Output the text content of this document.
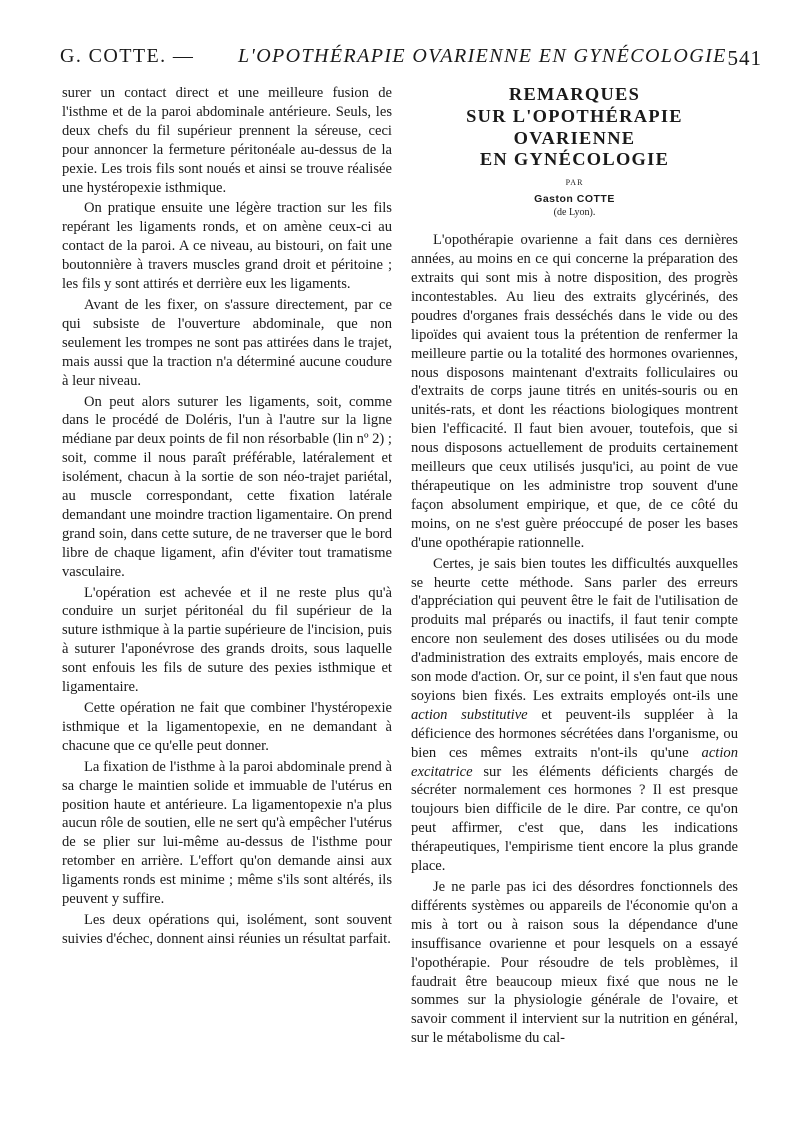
G. COTTE. — L'OPOTHÉRAPIE OVARIENNE EN GYNÉCOLOGIE 541

surer un contact direct et une meilleure fusion de l'isthme et de la paroi abdominale antérieure. Seuls, les deux chefs du fil supérieur prennent la séreuse, ceci pour annoncer la fermeture péritonéale au-dessus de la pexie. Les trois fils sont noués et ainsi se trouve réalisée une hystéropexie isthmique.

On pratique ensuite une légère traction sur les fils repérant les ligaments ronds, et on amène ceux-ci au contact de la paroi. A ce niveau, au bistouri, on fait une boutonnière à travers muscles grand droit et péritoine ; les fils y sont attirés et derrière eux les ligaments.

Avant de les fixer, on s'assure directement, par ce qui subsiste de l'ouverture abdominale, que non seulement les trompes ne sont pas attirées dans le trajet, mais aussi que la traction n'a déterminé aucune coudure à leur niveau.

On peut alors suturer les ligaments, soit, comme dans le procédé de Doléris, l'un à l'autre sur la ligne médiane par deux points de fil non résorbable (lin nº 2) ; soit, comme il nous paraît préférable, latéralement et isolément, chacun à la sortie de son néo-trajet pariétal, au muscle correspondant, cette fixation latérale demandant une moindre traction ligamentaire. On prend grand soin, dans cette suture, de ne traverser que le bord libre de chaque ligament, afin d'éviter tout tramatisme vasculaire.

L'opération est achevée et il ne reste plus qu'à conduire un surjet péritonéal du fil supérieur de la suture isthmique à la partie supérieure de l'incision, puis à suturer l'aponévrose des grands droits, sous laquelle sont enfouis les fils de suture des pexies isthmique et ligamentaire.

Cette opération ne fait que combiner l'hystéropexie isthmique et la ligamentopexie, en ne demandant à chacune que ce qu'elle peut donner.

La fixation de l'isthme à la paroi abdominale prend à sa charge le maintien solide et immuable de l'utérus en position haute et antérieure. La ligamentopexie n'a plus aucun rôle de soutien, elle ne sert qu'à empêcher l'utérus de se plier sur lui-même au-dessus de l'isthme pour retomber en arrière. L'effort qu'on demande ainsi aux ligaments ronds est minime ; même s'ils sont altérés, ils peuvent y suffire.

Les deux opérations qui, isolément, sont souvent suivies d'échec, donnent ainsi réunies un résultat parfait.

REMARQUES
SUR L'OPOTHÉRAPIE
OVARIENNE
EN GYNÉCOLOGIE
PAR
Gaston COTTE
(de Lyon).

L'opothérapie ovarienne a fait dans ces dernières années, au moins en ce qui concerne la préparation des extraits qui sont mis à notre disposition, des progrès incontestables. Au lieu des extraits glycérinés, des poudres d'organes frais desséchés dans le vide ou des lipoïdes qui avaient tous la prétention de renfermer la meilleure partie ou la totalité des hormones ovariennes, nous disposons maintenant d'extraits folliculaires ou d'extraits de corps jaune titrés en unités-souris ou en unités-rats, et dont les réactions biologiques montrent bien l'efficacité. Il faut bien avouer, toutefois, que si nous disposons actuellement de produits certainement meilleurs que ceux utilisés jusqu'ici, au point de vue thérapeutique on les administre trop souvent d'une façon absolument empirique, et que, de ce côté du moins, on ne s'est guère préoccupé de poser les bases d'une opothérapie rationnelle.

Certes, je sais bien toutes les difficultés auxquelles se heurte cette méthode. Sans parler des erreurs d'appréciation qui peuvent être le fait de l'utilisation de produits mal préparés ou inactifs, il faut tenir compte encore non seulement des doses utilisées ou du mode d'administration des extraits employés, mais encore de son mode d'action. Or, sur ce point, il s'en faut que nous soyions bien fixés. Les extraits employés ont-ils une action substitutive et peuvent-ils suppléer à la déficience des hormones sécrétées dans l'organisme, ou bien ces mêmes extraits n'ont-ils qu'une action excitatrice sur les éléments déficients chargés de sécréter normalement ces hormones ? Il est presque toujours bien difficile de le dire. Par contre, ce qu'on peut affirmer, c'est que, dans les indications thérapeutiques, l'empirisme tient encore la plus grande place.

Je ne parle pas ici des désordres fonctionnels des différents systèmes ou appareils de l'économie qu'on a mis à tort ou à raison sous la dépendance d'une insuffisance ovarienne et pour lesquels on a essayé l'opothérapie. Pour résoudre de tels problèmes, il faudrait être beaucoup mieux fixé que nous ne le sommes sur la physiologie générale de l'ovaire, et savoir comment il intervient sur la nutrition en général, sur le métabolisme du cal-
